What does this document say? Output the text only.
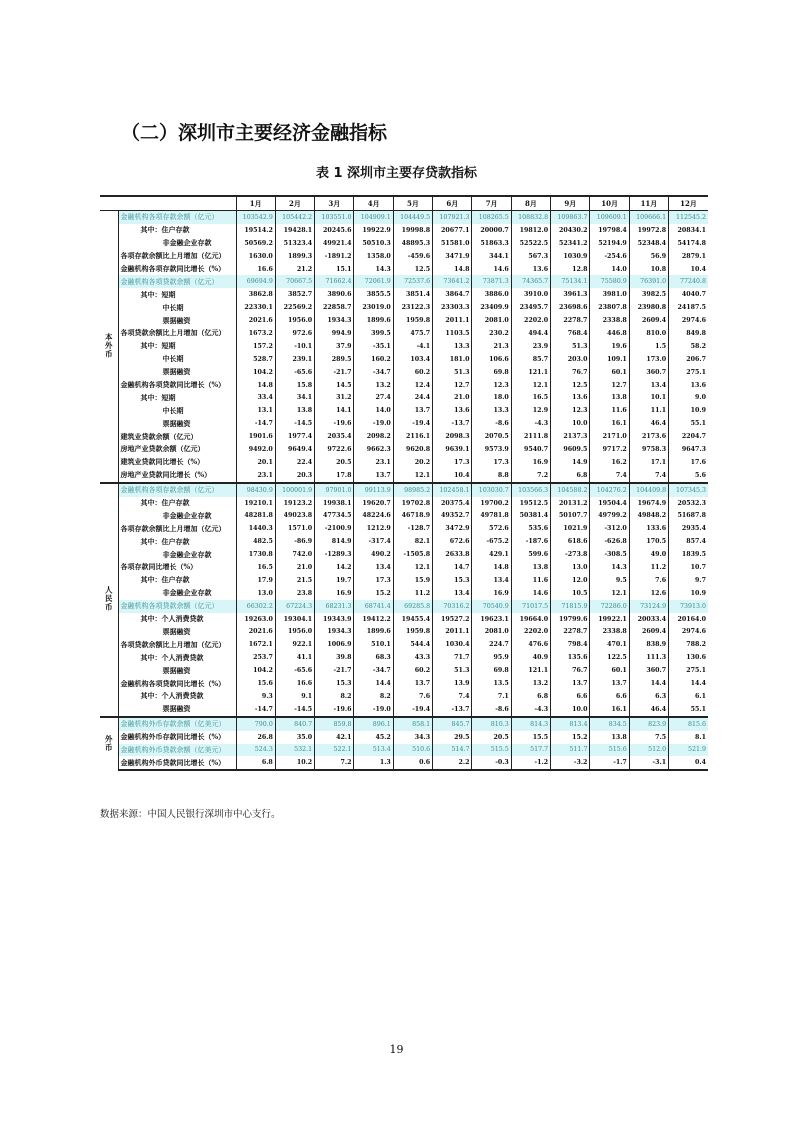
（二）深圳市主要经济金融指标
表 1 深圳市主要存贷款指标
		1月	2月	3月	4月	5月	6月	7月	8月	9月	10月	11月	12月
本外币	金融机构各项存款余额（亿元）	103542.9	105442.2	103551.0	104909.1	104449.5	107921.3	108265.5	108832.8	109863.7	109609.1	109666.1	112545.2
	其中：住户存款	19514.2	19428.1	20245.6	19922.9	19998.8	20677.1	20000.7	19812.0	20430.2	19798.4	19972.8	20834.1
	非金融企业存款	50569.2	51323.4	49921.4	50510.3	48895.3	51581.0	51863.3	52522.5	52341.2	52194.9	52348.4	54174.8
	各项存款余额比上月增加（亿元）	1630.0	1899.3	-1891.2	1358.0	-459.6	3471.9	344.1	567.3	1030.9	-254.6	56.9	2879.1
	金融机构各项存款同比增长（%）	16.6	21.2	15.1	14.3	12.5	14.8	14.6	13.6	12.8	14.0	10.8	10.4
	金融机构各项贷款余额（亿元）	69694.9	70667.5	71662.4	72061.9	72537.6	73641.2	73871.3	74365.7	75134.1	75580.9	76391.0	77240.8
	其中：短期	3862.8	3852.7	3890.6	3855.5	3851.4	3864.7	3886.0	3910.0	3961.3	3981.0	3982.5	4040.7
	中长期	22330.1	22569.2	22858.7	23019.0	23122.3	23303.3	23409.9	23495.7	23698.6	23807.8	23980.8	24187.5
	票据融资	2021.6	1956.0	1934.3	1899.6	1959.8	2011.1	2081.0	2202.0	2278.7	2338.8	2609.4	2974.6
	各项贷款余额比上月增加（亿元）	1673.2	972.6	994.9	399.5	475.7	1103.5	230.2	494.4	768.4	446.8	810.0	849.8
	其中：短期	157.2	-10.1	37.9	-35.1	-4.1	13.3	21.3	23.9	51.3	19.6	1.5	58.2
	中长期	528.7	239.1	289.5	160.2	103.4	181.0	106.6	85.7	203.0	109.1	173.0	206.7
	票据融资	104.2	-65.6	-21.7	-34.7	60.2	51.3	69.8	121.1	76.7	60.1	360.7	275.1
	金融机构各项贷款同比增长（%）	14.8	15.8	14.5	13.2	12.4	12.7	12.3	12.1	12.5	12.7	13.4	13.6
	其中：短期	33.4	34.1	31.2	27.4	24.4	21.0	18.0	16.5	13.6	13.8	10.1	9.0
	中长期	13.1	13.8	14.1	14.0	13.7	13.6	13.3	12.9	12.3	11.6	11.1	10.9
	票据融资	-14.7	-14.5	-19.6	-19.0	-19.4	-13.7	-8.6	-4.3	10.0	16.1	46.4	55.1
	建筑业贷款余额（亿元）	1901.6	1977.4	2035.4	2098.2	2116.1	2098.3	2070.5	2111.8	2137.3	2171.0	2173.6	2204.7
	房地产业贷款余额（亿元）	9492.0	9649.4	9722.6	9662.3	9620.8	9639.1	9573.9	9540.7	9609.5	9717.2	9758.3	9647.3
	建筑业贷款同比增长（%）	20.1	22.4	20.5	23.1	20.2	17.3	17.3	16.9	14.9	16.2	17.1	17.6
	房地产业贷款同比增长（%）	23.1	20.3	17.8	13.7	12.1	10.4	8.8	7.2	6.8	7.4	7.4	5.6
人民币	金融机构各项存款余额（亿元）	98430.9	100001.9	97901.0	99113.9	98985.2	102458.1	103030.7	103566.3	104588.2	104276.2	104409.8	107345.3
	其中：住户存款	19210.1	19123.2	19938.1	19620.7	19702.8	20375.4	19700.2	19512.5	20131.2	19504.4	19674.9	20532.3
	非金融企业存款	48281.8	49023.8	47734.5	48224.6	46718.9	49352.7	49781.8	50381.4	50107.7	49799.2	49848.2	51687.8
	各项存款余额比上月增加（亿元）	1440.3	1571.0	-2100.9	1212.9	-128.7	3472.9	572.6	535.6	1021.9	-312.0	133.6	2935.4
	其中：住户存款	482.5	-86.9	814.9	-317.4	82.1	672.6	-675.2	-187.6	618.6	-626.8	170.5	857.4
	非金融企业存款	1730.8	742.0	-1289.3	490.2	-1505.8	2633.8	429.1	599.6	-273.8	-308.5	49.0	1839.5
	各项存款同比增长（%）	16.5	21.0	14.2	13.4	12.1	14.7	14.8	13.8	13.0	14.3	11.2	10.7
	其中：住户存款	17.9	21.5	19.7	17.3	15.9	15.3	13.4	11.6	12.0	9.5	7.6	9.7
	非金融企业存款	13.0	23.8	16.9	15.2	11.2	13.4	16.9	14.6	10.5	12.1	12.6	10.9
	金融机构各项贷款余额（亿元）	66302.2	67224.3	68231.3	68741.4	69285.8	70316.2	70540.9	71017.5	71815.9	72286.0	73124.9	73913.0
	其中：个人消费贷款	19263.0	19304.1	19343.9	19412.2	19455.4	19527.2	19623.1	19664.0	19799.6	19922.1	20033.4	20164.0
	票据融资	2021.6	1956.0	1934.3	1899.6	1959.8	2011.1	2081.0	2202.0	2278.7	2338.8	2609.4	2974.6
	各项贷款余额比上月增加（亿元）	1672.1	922.1	1006.9	510.1	544.4	1030.4	224.7	476.6	798.4	470.1	838.9	788.2
	其中：个人消费贷款	253.7	41.1	39.8	68.3	43.3	71.7	95.9	40.9	135.6	122.5	111.3	130.6
	票据融资	104.2	-65.6	-21.7	-34.7	60.2	51.3	69.8	121.1	76.7	60.1	360.7	275.1
	金融机构各项贷款同比增长（%）	15.6	16.6	15.3	14.4	13.7	13.9	13.5	13.2	13.7	13.7	14.4	14.4
	其中：个人消费贷款	9.3	9.1	8.2	8.2	7.6	7.4	7.1	6.8	6.6	6.6	6.3	6.1
	票据融资	-14.7	-14.5	-19.6	-19.0	-19.4	-13.7	-8.6	-4.3	10.0	16.1	46.4	55.1
外币	金融机构外币存款余额（亿美元）	790.0	840.7	859.8	896.1	858.1	845.7	810.3	814.3	813.4	834.5	823.9	815.6
	金融机构外币存款同比增长（%）	26.8	35.0	42.1	45.2	34.3	29.5	20.5	15.5	15.2	13.8	7.5	8.1
	金融机构外币贷款余额（亿美元）	524.3	532.1	522.1	513.4	510.6	514.7	515.5	517.7	511.7	515.6	512.0	521.9
	金融机构外币贷款同比增长（%）	6.8	10.2	7.2	1.3	0.6	2.2	-0.3	-1.2	-3.2	-1.7	-3.1	0.4
数据来源：中国人民银行深圳市中心支行。
19
